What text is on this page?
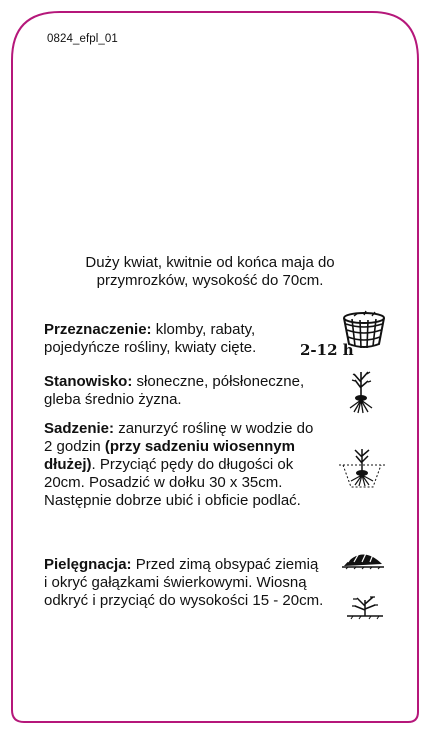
0824_efpl_01
Duży kwiat, kwitnie od końca maja do przymrozków, wysokość do 70cm.
Przeznaczenie: klomby, rabaty, pojedyńcze rośliny, kwiaty cięte.
Stanowisko: słoneczne, półsłoneczne, gleba średnio żyzna.
Sadzenie: zanurzyć roślinę w wodzie do 2 godzin (przy sadzeniu wiosennym dłużej). Przyciąć pędy do długości ok 20cm. Posadzić w dołku 30 x 35cm. Następnie dobrze ubić i obficie podlać.
Pielęgnacja: Przed zimą obsypać ziemią i okryć gałązkami świerkowymi. Wiosną odkryć i przyciąć do wysokości 15 - 20cm.
2-12 h
